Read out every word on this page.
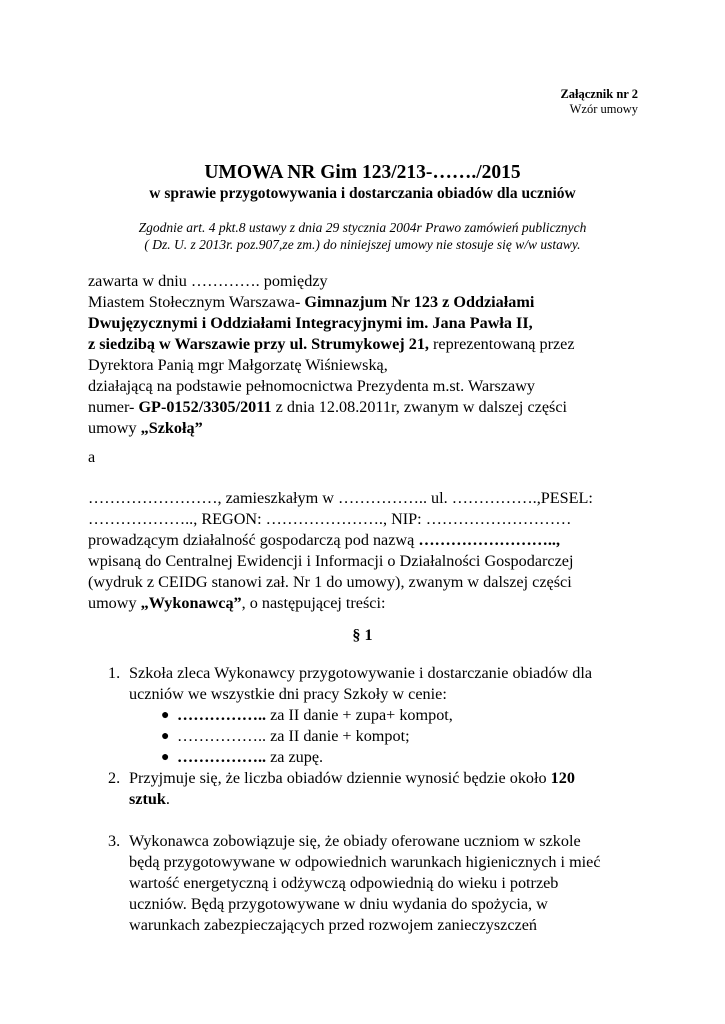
Załącznik nr 2
Wzór umowy
UMOWA NR Gim 123/213-……./2015
w sprawie przygotowywania i dostarczania obiadów dla uczniów
Zgodnie art. 4 pkt.8 ustawy z dnia 29 stycznia 2004r Prawo zamówień publicznych
( Dz. U. z 2013r. poz.907,ze zm.) do niniejszej umowy nie stosuje się w/w ustawy.

zawarta w dniu …………. pomiędzy

Miastem Stołecznym Warszawa- Gimnazjum Nr 123 z Oddziałami

Dwujęzycznymi i Oddziałami Integracyjnymi im. Jana Pawła II,

z siedzibą w Warszawie przy ul. Strumykowej 21, reprezentowaną przez

Dyrektora Panią mgr Małgorzatę Wiśniewską,

działającą na podstawie pełnomocnictwa Prezydenta m.st. Warszawy

numer- GP-0152/3305/2011 z dnia 12.08.2011r, zwanym w dalszej części

umowy „Szkołą”

a

……………………, zamieszkałym w …………….. ul. …………….,PESEL:

……………….., REGON: …………………., NIP: ………………………

prowadzącym działalność gospodarczą pod nazwą ……………………..,

wpisaną do Centralnej Ewidencji i Informacji o Działalności Gospodarczej

(wydruk z CEIDG stanowi zał. Nr 1 do umowy), zwanym w dalszej części

umowy „Wykonawcą”, o następującej treści:

§ 1
1. Szkoła zleca Wykonawcy przygotowywanie i dostarczanie obiadów dla

uczniów we wszystkie dni pracy Szkoły w cenie:

● …………….. za II danie + zupa+ kompot,
● …………….. za II danie + kompot;
● …………….. za zupę.
2. Przyjmuje się, że liczba obiadów dziennie wynosić będzie około 120

sztuk.

3. Wykonawca zobowiązuje się, że obiady oferowane uczniom w szkole

będą przygotowywane w odpowiednich warunkach higienicznych i mieć

wartość energetyczną i odżywczą odpowiednią do wieku i potrzeb

uczniów. Będą przygotowywane w dniu wydania do spożycia, w

warunkach zabezpieczających przed rozwojem zanieczyszczeń
